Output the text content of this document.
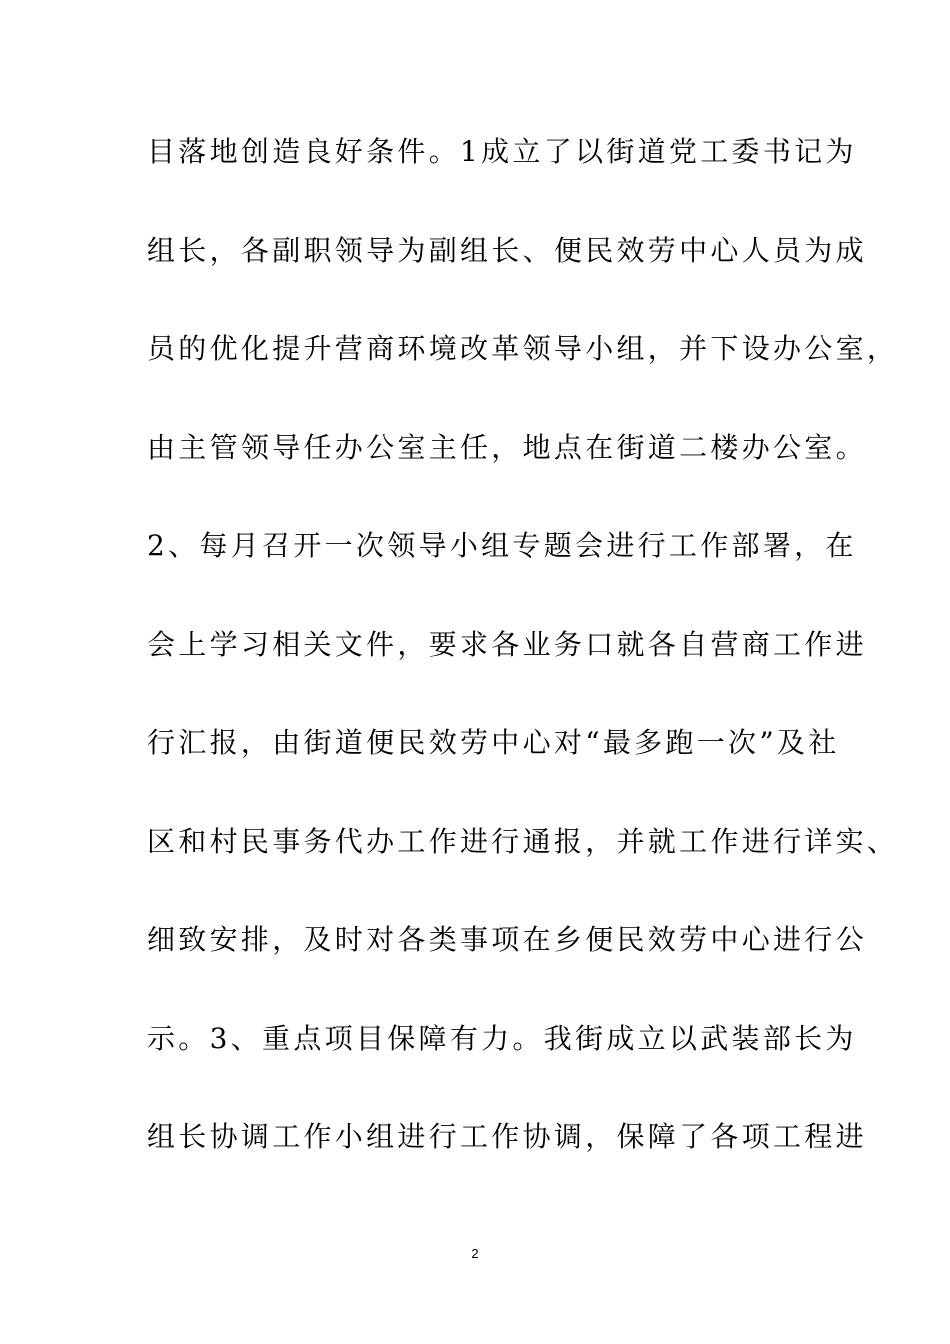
目落地创造良好条件。1成立了以街道党工委书记为
组长，各副职领导为副组长、便民效劳中心人员为成
员的优化提升营商环境改革领导小组，并下设办公室，
由主管领导任办公室主任，地点在街道二楼办公室。
2、每月召开一次领导小组专题会进行工作部署，在
会上学习相关文件，要求各业务口就各自营商工作进
行汇报，由街道便民效劳中心对“最多跑一次”及社
区和村民事务代办工作进行通报，并就工作进行详实、
细致安排，及时对各类事项在乡便民效劳中心进行公
示。3、重点项目保障有力。我街成立以武装部长为
组长协调工作小组进行工作协调，保障了各项工程进
2
